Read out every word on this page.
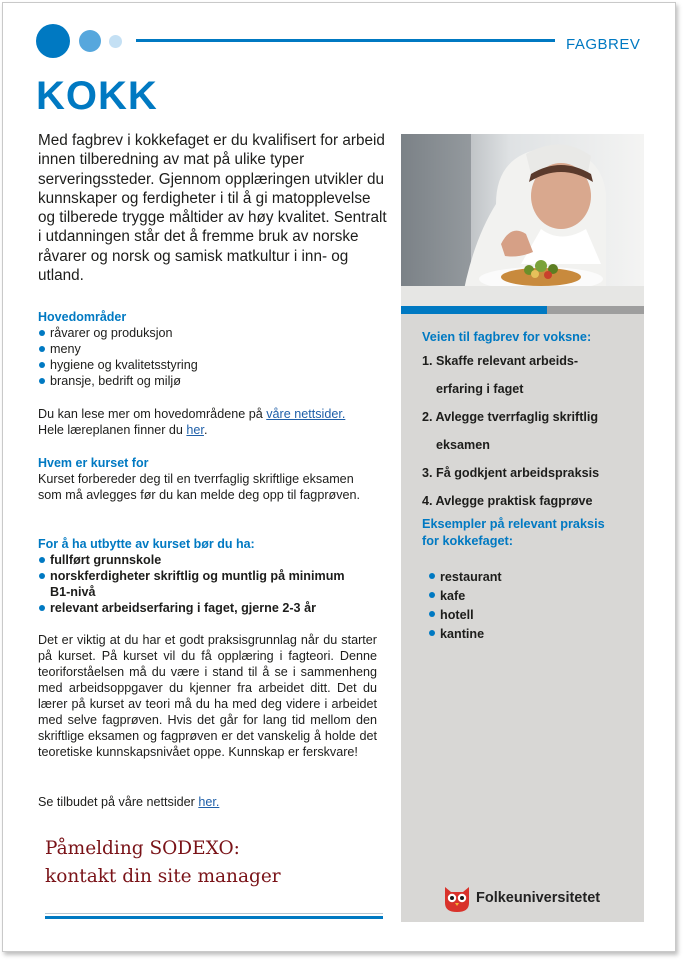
FAGBREV
KOKK
Med fagbrev i kokkefaget er du kvalifisert for arbeid innen tilberedning av mat på ulike typer serveringssteder. Gjennom opplæringen utvikler du kunnskaper og ferdigheter i til å gi matopplevelse og tilberede trygge måltider av høy kvalitet. Sentralt i utdanningen står det å fremme bruk av norske råvarer og norsk og samisk matkultur i inn- og utland.
Hovedområder
råvarer og produksjon
meny
hygiene og kvalitetsstyring
bransje, bedrift og miljø
Du kan lese mer om hovedområdene på våre nettsider.
Hele læreplanen finner du her.
Hvem er kurset for
Kurset forbereder deg til en tverrfaglig skriftlige eksamen som må avlegges før du kan melde deg opp til fagprøven.
For å ha utbytte av kurset bør du ha:
fullført grunnskole
norskferdigheter skriftlig og muntlig på minimum B1-nivå
relevant arbeidserfaring i faget, gjerne 2-3 år
Det er viktig at du har et godt praksisgrunnlag når du starter på kurset. På kurset vil du få opplæring i fagteori. Denne teoriforståelsen må du være i stand til å se i sammenheng med arbeidsoppgaver du kjenner fra arbeidet ditt. Det du lærer på kurset av teori må du ha med deg videre i arbeidet med selve fagprøven. Hvis det går for lang tid mellom den skriftlige eksamen og fagprøven er det vanskelig å holde det teoretiske kunnskapsnivået oppe. Kunnskap er ferskvare!
Se tilbudet på våre nettsider her.
Påmelding SODEXO:
kontakt din site manager
Veien til fagbrev for voksne:
1. Skaffe relevant arbeids-
erfaring i faget
2. Avlegge tverrfaglig skriftlig
eksamen
3. Få godkjent arbeidspraksis
4. Avlegge praktisk fagprøve
Eksempler på relevant praksis
for kokkefaget:
restaurant
kafe
hotell
kantine
Folkeuniversitetet
